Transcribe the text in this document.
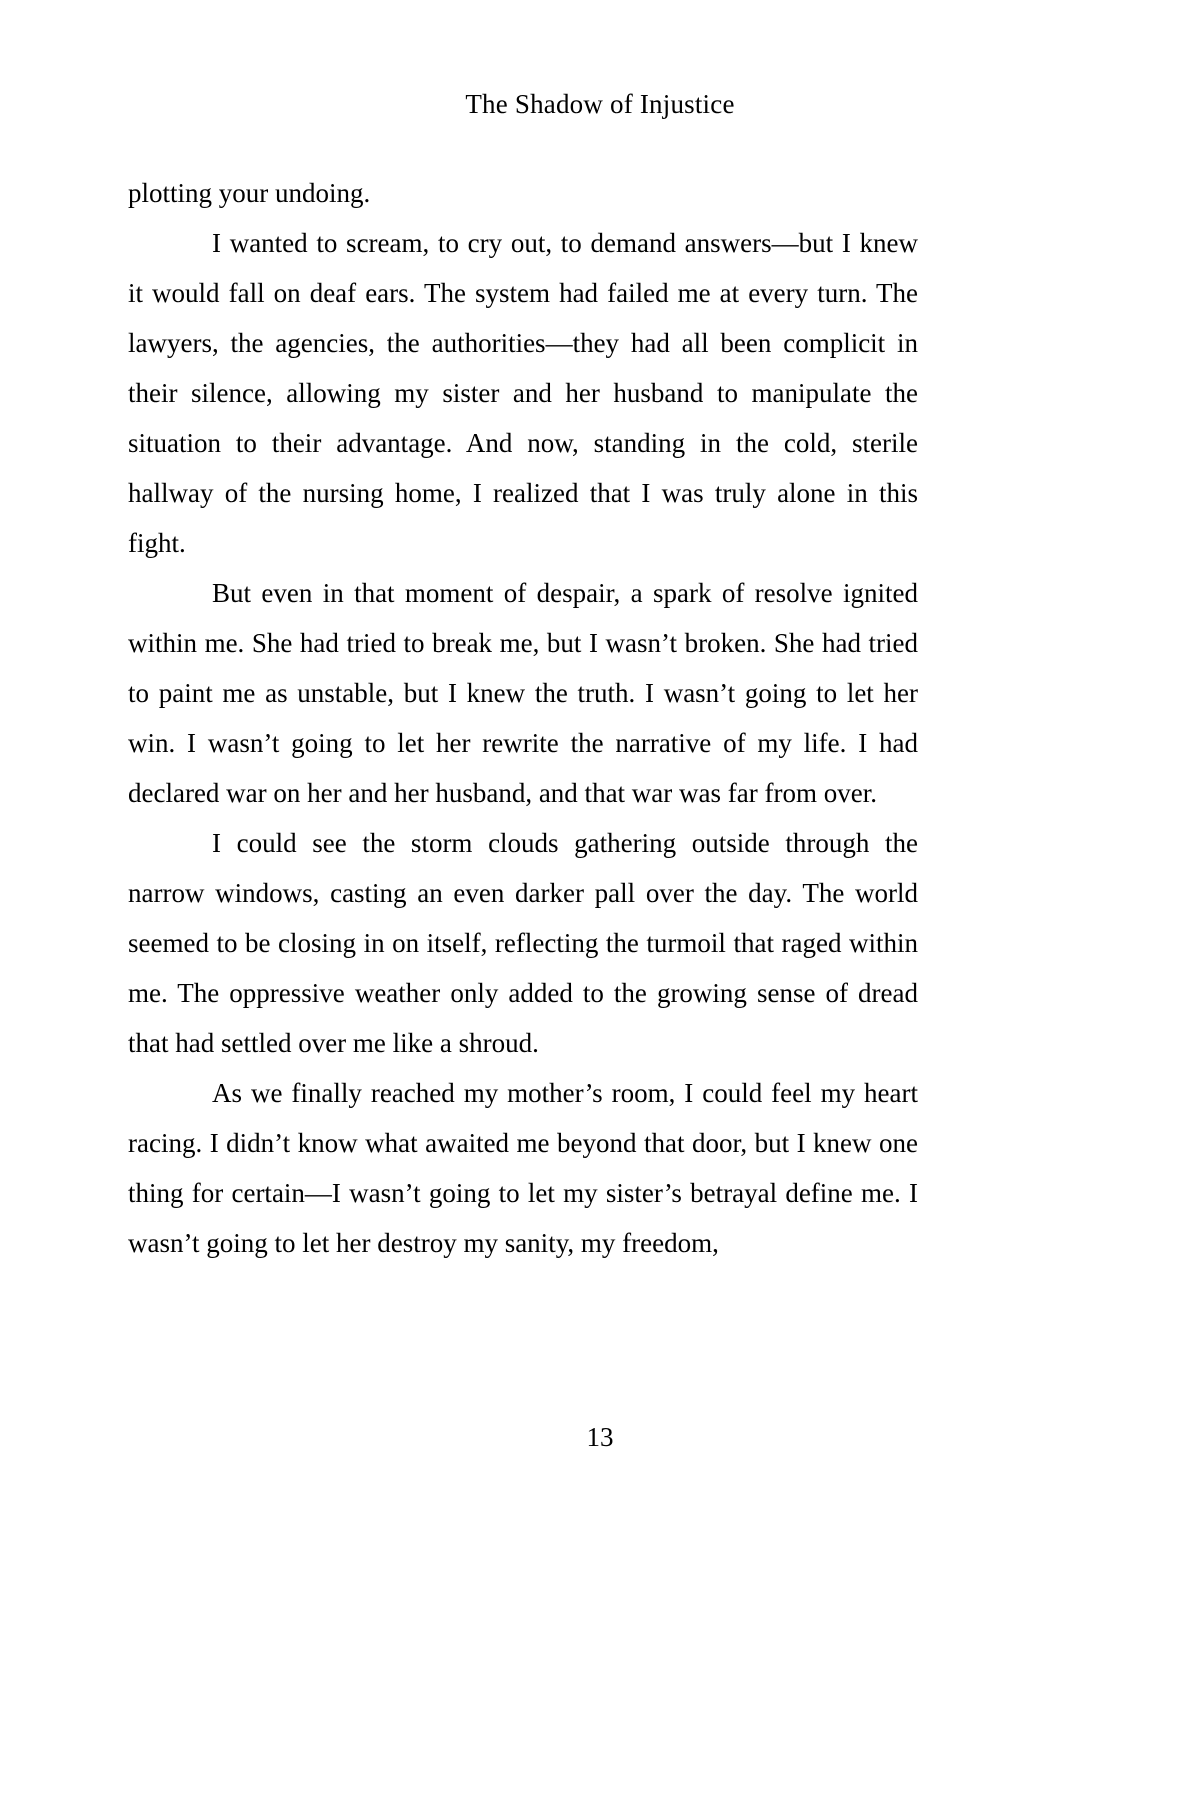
The Shadow of Injustice

plotting your undoing.

I wanted to scream, to cry out, to demand answers—but I knew it would fall on deaf ears. The system had failed me at every turn. The lawyers, the agencies, the authorities—they had all been complicit in their silence, allowing my sister and her husband to manipulate the situation to their advantage. And now, standing in the cold, sterile hallway of the nursing home, I realized that I was truly alone in this fight.

But even in that moment of despair, a spark of resolve ignited within me. She had tried to break me, but I wasn’t broken. She had tried to paint me as unstable, but I knew the truth. I wasn’t going to let her win. I wasn’t going to let her rewrite the narrative of my life. I had declared war on her and her husband, and that war was far from over.

I could see the storm clouds gathering outside through the narrow windows, casting an even darker pall over the day. The world seemed to be closing in on itself, reflecting the turmoil that raged within me. The oppressive weather only added to the growing sense of dread that had settled over me like a shroud.

As we finally reached my mother’s room, I could feel my heart racing. I didn’t know what awaited me beyond that door, but I knew one thing for certain—I wasn’t going to let my sister’s betrayal define me. I wasn’t going to let her destroy my sanity, my freedom,

13
